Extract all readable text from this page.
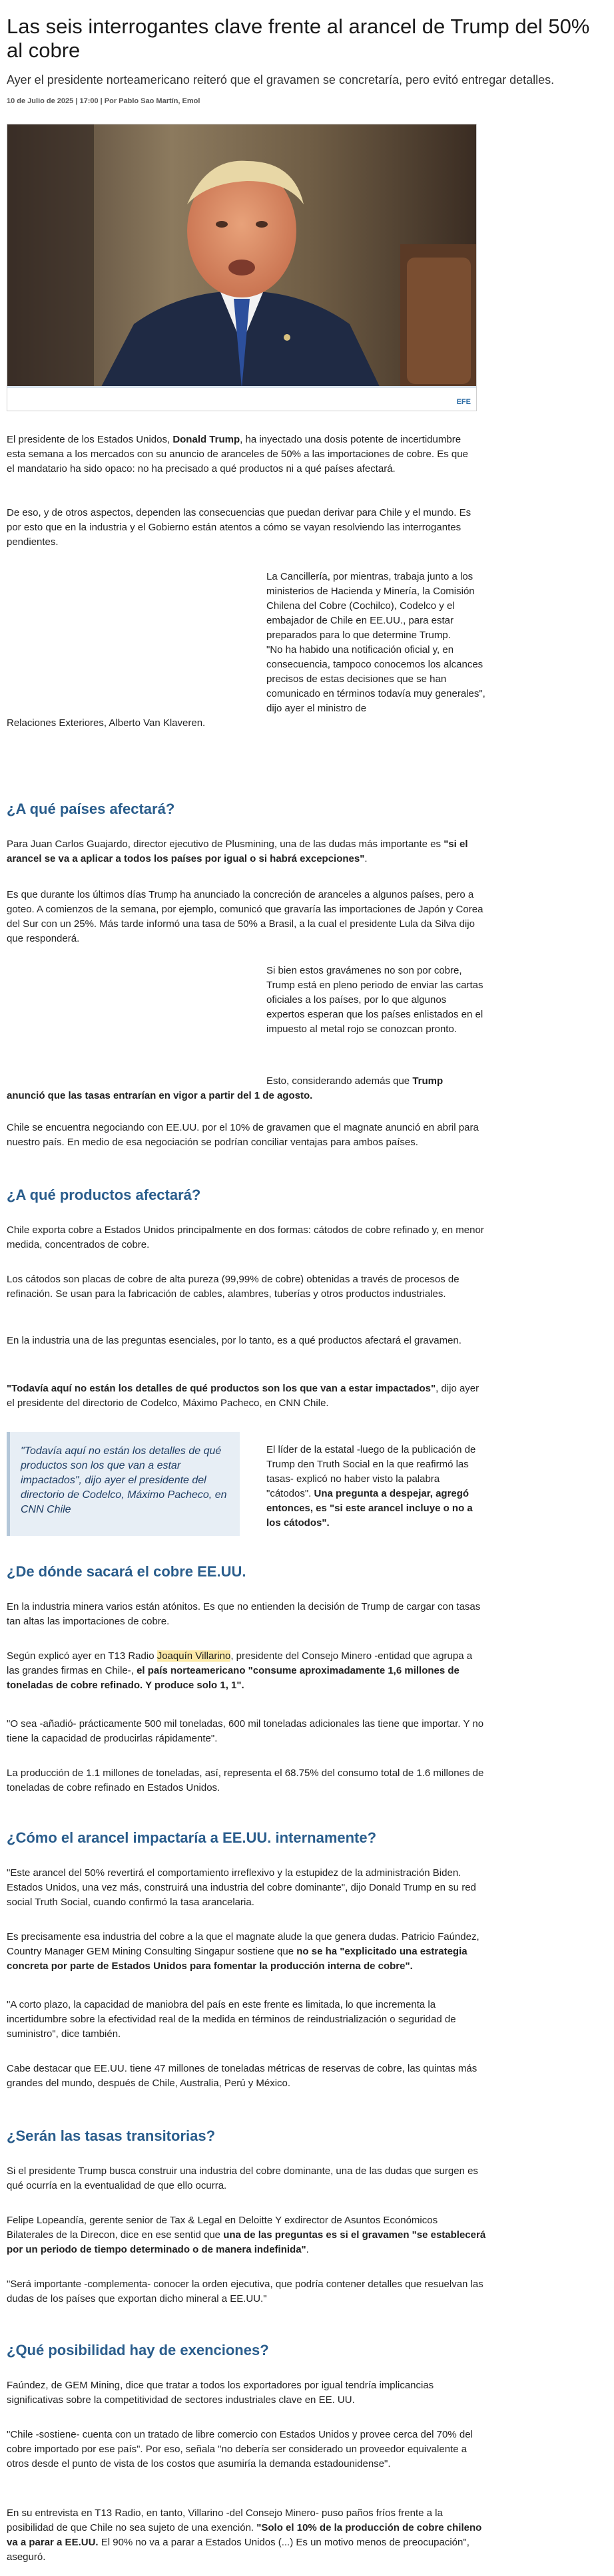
Las seis interrogantes clave frente al arancel de Trump del 50% al cobre
Ayer el presidente norteamericano reiteró que el gravamen se concretaría, pero evitó entregar detalles.
10 de Julio de 2025 | 17:00 | Por Pablo Sao Martín, Emol
EFE

El presidente de los Estados Unidos, Donald Trump, ha inyectado una dosis potente de incertidumbre esta semana a los mercados con su anuncio de aranceles de 50% a las importaciones de cobre. Es que el mandatario ha sido opaco: no ha precisado a qué productos ni a qué países afectará.

De eso, y de otros aspectos, dependen las consecuencias que puedan derivar para Chile y el mundo. Es por esto que en la industria y el Gobierno están atentos a cómo se vayan resolviendo las interrogantes pendientes.

La Cancillería, por mientras, trabaja junto a los ministerios de Hacienda y Minería, la Comisión Chilena del Cobre (Cochilco), Codelco y el embajador de Chile en EE.UU., para estar preparados para lo que determine Trump.

"No ha habido una notificación oficial y, en consecuencia, tampoco conocemos los alcances precisos de estas decisiones que se han comunicado en términos todavía muy generales", dijo ayer el ministro de

Relaciones Exteriores, Alberto Van Klaveren.

¿A qué países afectará?

Para Juan Carlos Guajardo, director ejecutivo de Plusmining, una de las dudas más importante es "si el arancel se va a aplicar a todos los países por igual o si habrá excepciones".

Es que durante los últimos días Trump ha anunciado la concreción de aranceles a algunos países, pero a goteo. A comienzos de la semana, por ejemplo, comunicó que gravaría las importaciones de Japón y Corea del Sur con un 25%. Más tarde informó una tasa de 50% a Brasil, a la cual el presidente Lula da Silva dijo que responderá.

Si bien estos gravámenes no son por cobre, Trump está en pleno periodo de enviar las cartas oficiales a los países, por lo que algunos expertos esperan que los países enlistados en el impuesto al metal rojo se conozcan pronto.

Esto, considerando además que Trump

anunció que las tasas entrarían en vigor a partir del 1 de agosto.

Chile se encuentra negociando con EE.UU. por el 10% de gravamen que el magnate anunció en abril para nuestro país. En medio de esa negociación se podrían conciliar ventajas para ambos países.

¿A qué productos afectará?

Chile exporta cobre a Estados Unidos principalmente en dos formas: cátodos de cobre refinado y, en menor medida, concentrados de cobre.

Los cátodos son placas de cobre de alta pureza (99,99% de cobre) obtenidas a través de procesos de refinación. Se usan para la fabricación de cables, alambres, tuberías y otros productos industriales.

En la industria una de las preguntas esenciales, por lo tanto, es a qué productos afectará el gravamen.

"Todavía aquí no están los detalles de qué productos son los que van a estar impactados", dijo ayer el presidente del directorio de Codelco, Máximo Pacheco, en CNN Chile.

"Todavía aquí no están los detalles de qué productos son los que van a estar impactados", dijo ayer el presidente del directorio de Codelco, Máximo Pacheco, en CNN Chile

El líder de la estatal -luego de la publicación de Trump den Truth Social en la que reafirmó las tasas- explicó no haber visto la palabra "cátodos". Una pregunta a despejar, agregó entonces, es "si este arancel incluye o no a los cátodos".

¿De dónde sacará el cobre EE.UU.

En la industria minera varios están atónitos. Es que no entienden la decisión de Trump de cargar con tasas tan altas las importaciones de cobre.

Según explicó ayer en T13 Radio Joaquín Villarino, presidente del Consejo Minero -entidad que agrupa a las grandes firmas en Chile-, el país norteamericano "consume aproximadamente 1,6 millones de toneladas de cobre refinado. Y produce solo 1, 1".

"O sea -añadió- prácticamente 500 mil toneladas, 600 mil toneladas adicionales las tiene que importar. Y no tiene la capacidad de producirlas rápidamente".

La producción de 1.1 millones de toneladas, así, representa el 68.75% del consumo total de 1.6 millones de toneladas de cobre refinado en Estados Unidos.

¿Cómo el arancel impactaría a EE.UU. internamente?

"Este arancel del 50% revertirá el comportamiento irreflexivo y la estupidez de la administración Biden. Estados Unidos, una vez más, construirá una industria del cobre dominante", dijo Donald Trump en su red social Truth Social, cuando confirmó la tasa arancelaria.

Es precisamente esa industria del cobre a la que el magnate alude la que genera dudas. Patricio Faúndez, Country Manager GEM Mining Consulting Singapur sostiene que no se ha "explicitado una estrategia concreta por parte de Estados Unidos para fomentar la producción interna de cobre".

"A corto plazo, la capacidad de maniobra del país en este frente es limitada, lo que incrementa la incertidumbre sobre la efectividad real de la medida en términos de reindustrialización o seguridad de suministro", dice también.

Cabe destacar que EE.UU. tiene 47 millones de toneladas métricas de reservas de cobre, las quintas más grandes del mundo, después de Chile, Australia, Perú y México.

¿Serán las tasas transitorias?

Si el presidente Trump busca construir una industria del cobre dominante, una de las dudas que surgen es qué ocurría en la eventualidad de que ello ocurra.

Felipe Lopeandía, gerente senior de Tax & Legal en Deloitte Y exdirector de Asuntos Económicos Bilaterales de la Direcon, dice en ese sentid que una de las preguntas es si el gravamen "se establecerá por un periodo de tiempo determinado o de manera indefinida".

"Será importante -complementa- conocer la orden ejecutiva, que podría contener detalles que resuelvan las dudas de los países que exportan dicho mineral a EE.UU."

¿Qué posibilidad hay de exenciones?

Faúndez, de GEM Mining, dice que tratar a todos los exportadores por igual tendría implicancias significativas sobre la competitividad de sectores industriales clave en EE. UU.

"Chile -sostiene- cuenta con un tratado de libre comercio con Estados Unidos y provee cerca del 70% del cobre importado por ese país". Por eso, señala "no debería ser considerado un proveedor equivalente a otros desde el punto de vista de los costos que asumiría la demanda estadounidense".

En su entrevista en T13 Radio, en tanto, Villarino -del Consejo Minero- puso paños fríos frente a la posibilidad de que Chile no sea sujeto de una exención. "Solo el 10% de la producción de cobre chileno va a parar a EE.UU. El 90% no va a parar a Estados Unidos (...) Es un motivo menos de preocupación", aseguró.
